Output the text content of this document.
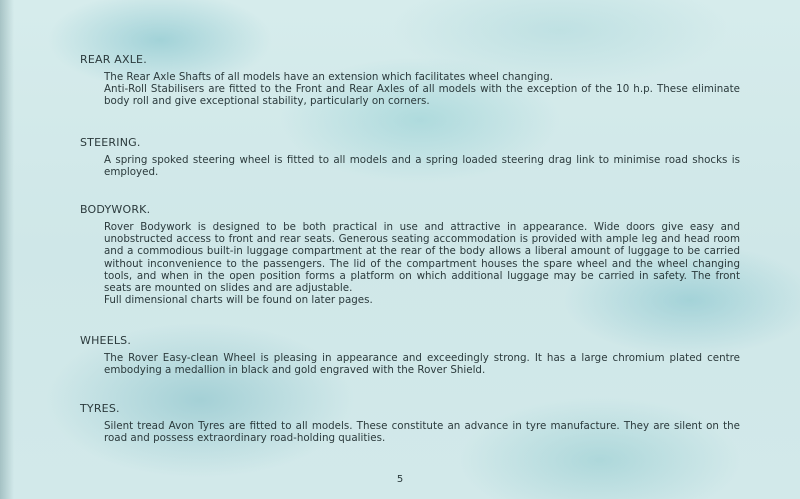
REAR AXLE.

The Rear Axle Shafts of all models have an extension which facilitates wheel changing.

Anti-Roll Stabilisers are fitted to the Front and Rear Axles of all models with the exception of the 10 h.p. These eliminate body roll and give exceptional stability, particularly on corners.

STEERING.

A spring spoked steering wheel is fitted to all models and a spring loaded steering drag link to minimise road shocks is employed.

BODYWORK.

Rover Bodywork is designed to be both practical in use and attractive in appearance. Wide doors give easy and unobstructed access to front and rear seats. Generous seating accommodation is provided with ample leg and head room and a commodious built-in luggage compartment at the rear of the body allows a liberal amount of luggage to be carried without inconvenience to the passengers. The lid of the compartment houses the spare wheel and the wheel changing tools, and when in the open position forms a platform on which additional luggage may be carried in safety. The front seats are mounted on slides and are adjustable.

Full dimensional charts will be found on later pages.

WHEELS.

The Rover Easy-clean Wheel is pleasing in appearance and exceedingly strong. It has a large chromium plated centre embodying a medallion in black and gold engraved with the Rover Shield.

TYRES.

Silent tread Avon Tyres are fitted to all models. These constitute an advance in tyre manufacture. They are silent on the road and possess extraordinary road-holding qualities.

5
